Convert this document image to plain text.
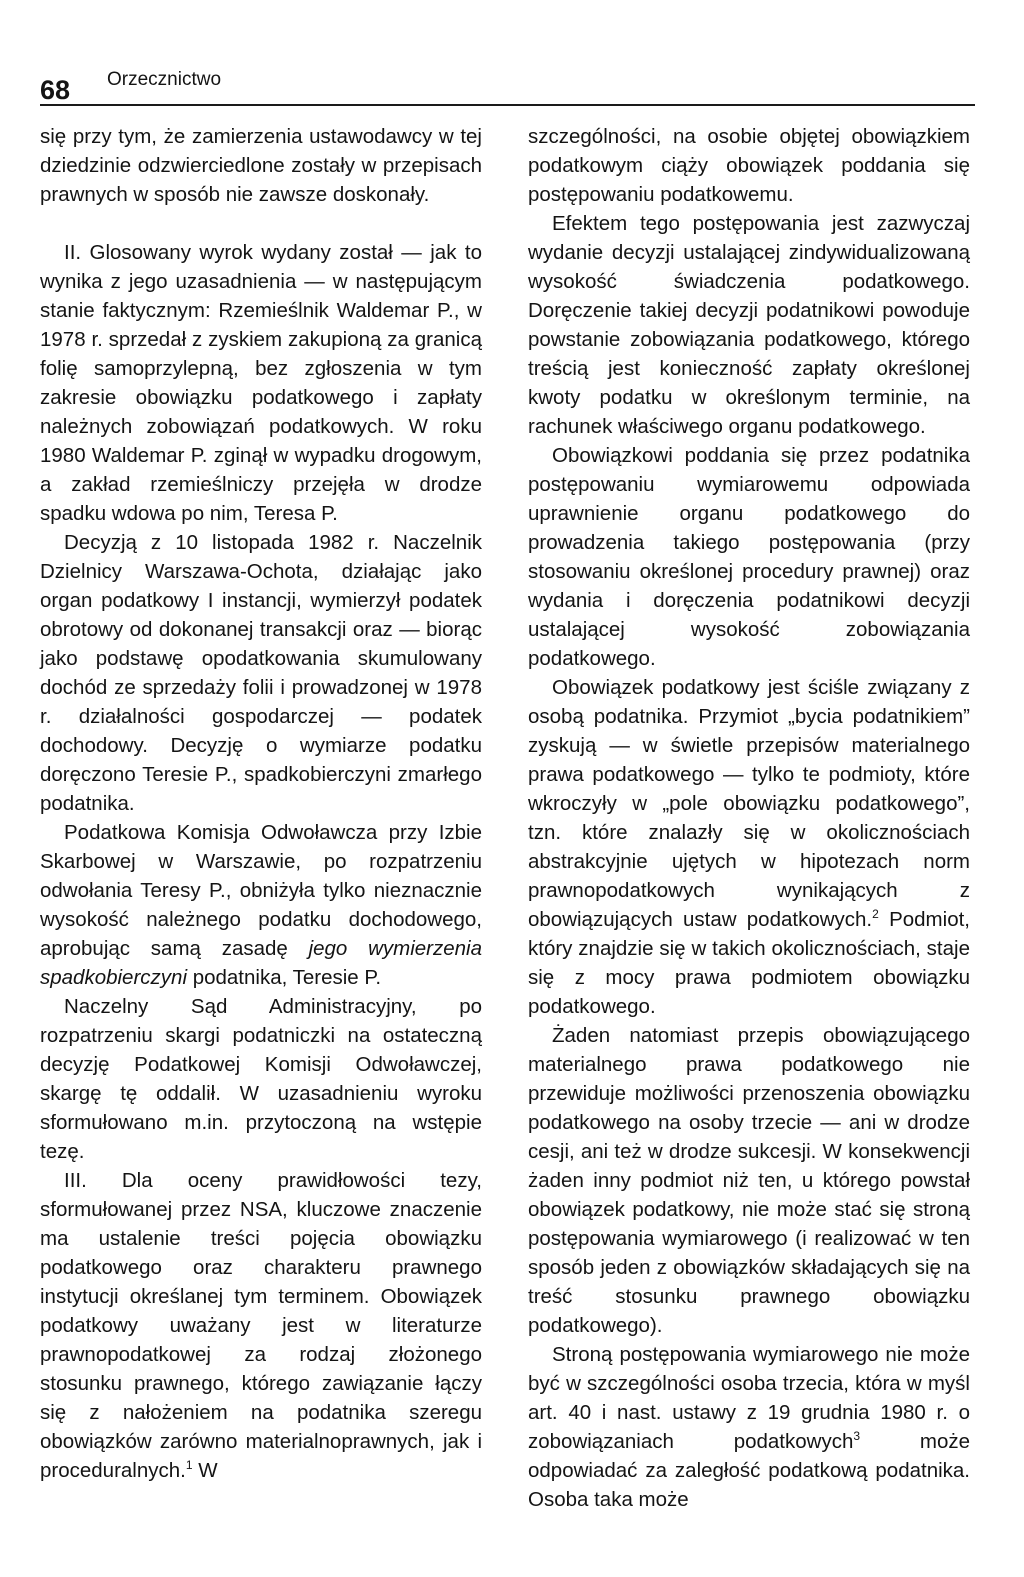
68 Orzecznictwo

się przy tym, że zamierzenia ustawodawcy w tej dziedzinie odzwierciedlone zostały w przepisach prawnych w sposób nie zawsze doskonały.

II. Glosowany wyrok wydany został — jak to wynika z jego uzasadnienia — w następującym stanie faktycznym: Rzemieślnik Waldemar P., w 1978 r. sprzedał z zyskiem zakupioną za granicą folię samoprzylepną, bez zgłoszenia w tym zakresie obowiązku podatkowego i zapłaty należnych zobowiązań podatkowych. W roku 1980 Waldemar P. zginął w wypadku drogowym, a zakład rzemieślniczy przejęła w drodze spadku wdowa po nim, Teresa P.

Decyzją z 10 listopada 1982 r. Naczelnik Dzielnicy Warszawa-Ochota, działając jako organ podatkowy I instancji, wymierzył podatek obrotowy od dokonanej transakcji oraz — biorąc jako podstawę opodatkowania skumulowany dochód ze sprzedaży folii i prowadzonej w 1978 r. działalności gospodarczej — podatek dochodowy. Decyzję o wymiarze podatku doręczono Teresie P., spadkobierczyni zmarłego podatnika.

Podatkowa Komisja Odwoławcza przy Izbie Skarbowej w Warszawie, po rozpatrzeniu odwołania Teresy P., obniżyła tylko nieznacznie wysokość należnego podatku dochodowego, aprobując samą zasadę jego wymierzenia spadkobierczyni podatnika, Teresie P.

Naczelny Sąd Administracyjny, po rozpatrzeniu skargi podatniczki na ostateczną decyzję Podatkowej Komisji Odwoławczej, skargę tę oddalił. W uzasadnieniu wyroku sformułowano m.in. przytoczoną na wstępie tezę.

III. Dla oceny prawidłowości tezy, sformułowanej przez NSA, kluczowe znaczenie ma ustalenie treści pojęcia obowiązku podatkowego oraz charakteru prawnego instytucji określanej tym terminem. Obowiązek podatkowy uważany jest w literaturze prawnopodatkowej za rodzaj złożonego stosunku prawnego, którego zawiązanie łączy się z nałożeniem na podatnika szeregu obowiązków zarówno materialnoprawnych, jak i proceduralnych.$^1$ W

szczególności, na osobie objętej obowiązkiem podatkowym ciąży obowiązek poddania się postępowaniu podatkowemu.

Efektem tego postępowania jest zazwyczaj wydanie decyzji ustalającej zindywidualizowaną wysokość świadczenia podatkowego. Doręczenie takiej decyzji podatnikowi powoduje powstanie zobowiązania podatkowego, którego treścią jest konieczność zapłaty określonej kwoty podatku w określonym terminie, na rachunek właściwego organu podatkowego.

Obowiązkowi poddania się przez podatnika postępowaniu wymiarowemu odpowiada uprawnienie organu podatkowego do prowadzenia takiego postępowania (przy stosowaniu określonej procedury prawnej) oraz wydania i doręczenia podatnikowi decyzji ustalającej wysokość zobowiązania podatkowego.

Obowiązek podatkowy jest ściśle związany z osobą podatnika. Przymiot „bycia podatnikiem” zyskują — w świetle przepisów materialnego prawa podatkowego — tylko te podmioty, które wkroczyły w „pole obowiązku podatkowego”, tzn. które znalazły się w okolicznościach abstrakcyjnie ujętych w hipotezach norm prawnopodatkowych wynikających z obowiązujących ustaw podatkowych.$^2$ Podmiot, który znajdzie się w takich okolicznościach, staje się z mocy prawa podmiotem obowiązku podatkowego.

Żaden natomiast przepis obowiązującego materialnego prawa podatkowego nie przewiduje możliwości przenoszenia obowiązku podatkowego na osoby trzecie — ani w drodze cesji, ani też w drodze sukcesji. W konsekwencji żaden inny podmiot niż ten, u którego powstał obowiązek podatkowy, nie może stać się stroną postępowania wymiarowego (i realizować w ten sposób jeden z obowiązków składających się na treść stosunku prawnego obowiązku podatkowego).

Stroną postępowania wymiarowego nie może być w szczególności osoba trzecia, która w myśl art. 40 i nast. ustawy z 19 grudnia 1980 r. o zobowiązaniach podatkowych$^3$ może odpowiadać za zaległość podatkową podatnika. Osoba taka może
